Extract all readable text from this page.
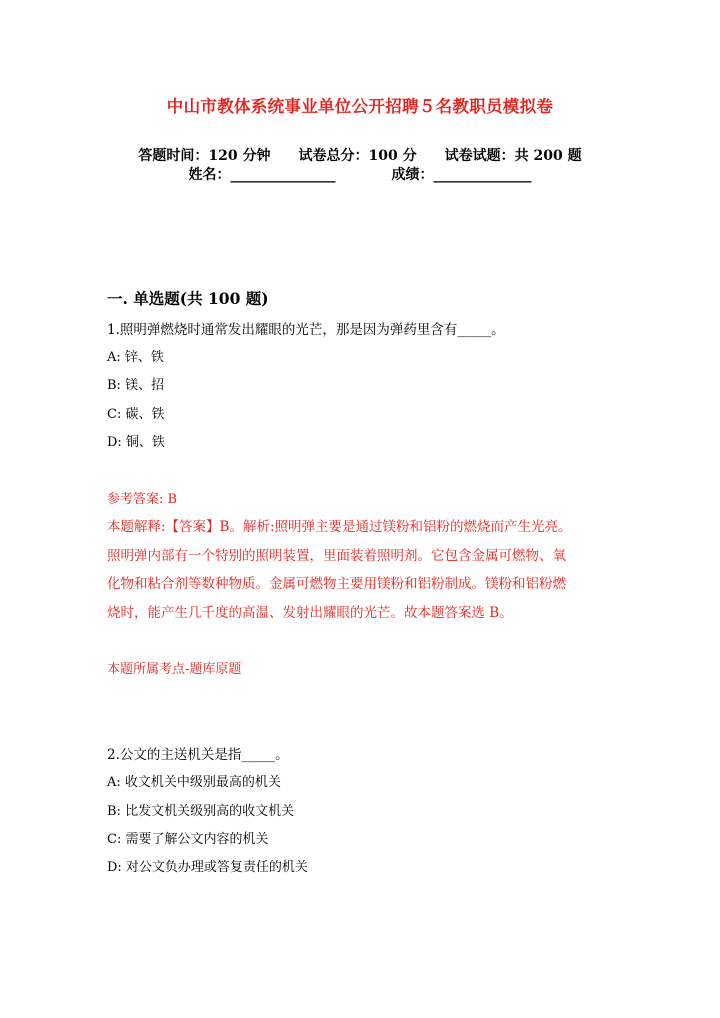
中山市教体系统事业单位公开招聘５名教职员模拟卷
答题时间：120 分钟　　试卷总分：100 分　　试卷试题：共 200 题
姓名：_______________　　　　成绩：______________
一. 单选题(共 100 题)
1.照明弹燃烧时通常发出耀眼的光芒，那是因为弹药里含有_____。
A: 锌、铁
B: 镁、招
C: 碳、铁
D: 铜、铁
参考答案: B
本题解释:【答案】B。解析:照明弹主要是通过镁粉和铝粉的燃烧而产生光亮。
照明弹内部有一个特别的照明装置，里面装着照明剂。它包含金属可燃物、氧
化物和粘合剂等数种物质。金属可燃物主要用镁粉和铝粉制成。镁粉和铝粉燃
烧时，能产生几千度的高温、发射出耀眼的光芒。故本题答案选 B。
本题所属考点-题库原题
2.公文的主送机关是指_____。
A: 收文机关中级别最高的机关
B: 比发文机关级别高的收文机关
C: 需要了解公文内容的机关
D: 对公文负办理或答复责任的机关
